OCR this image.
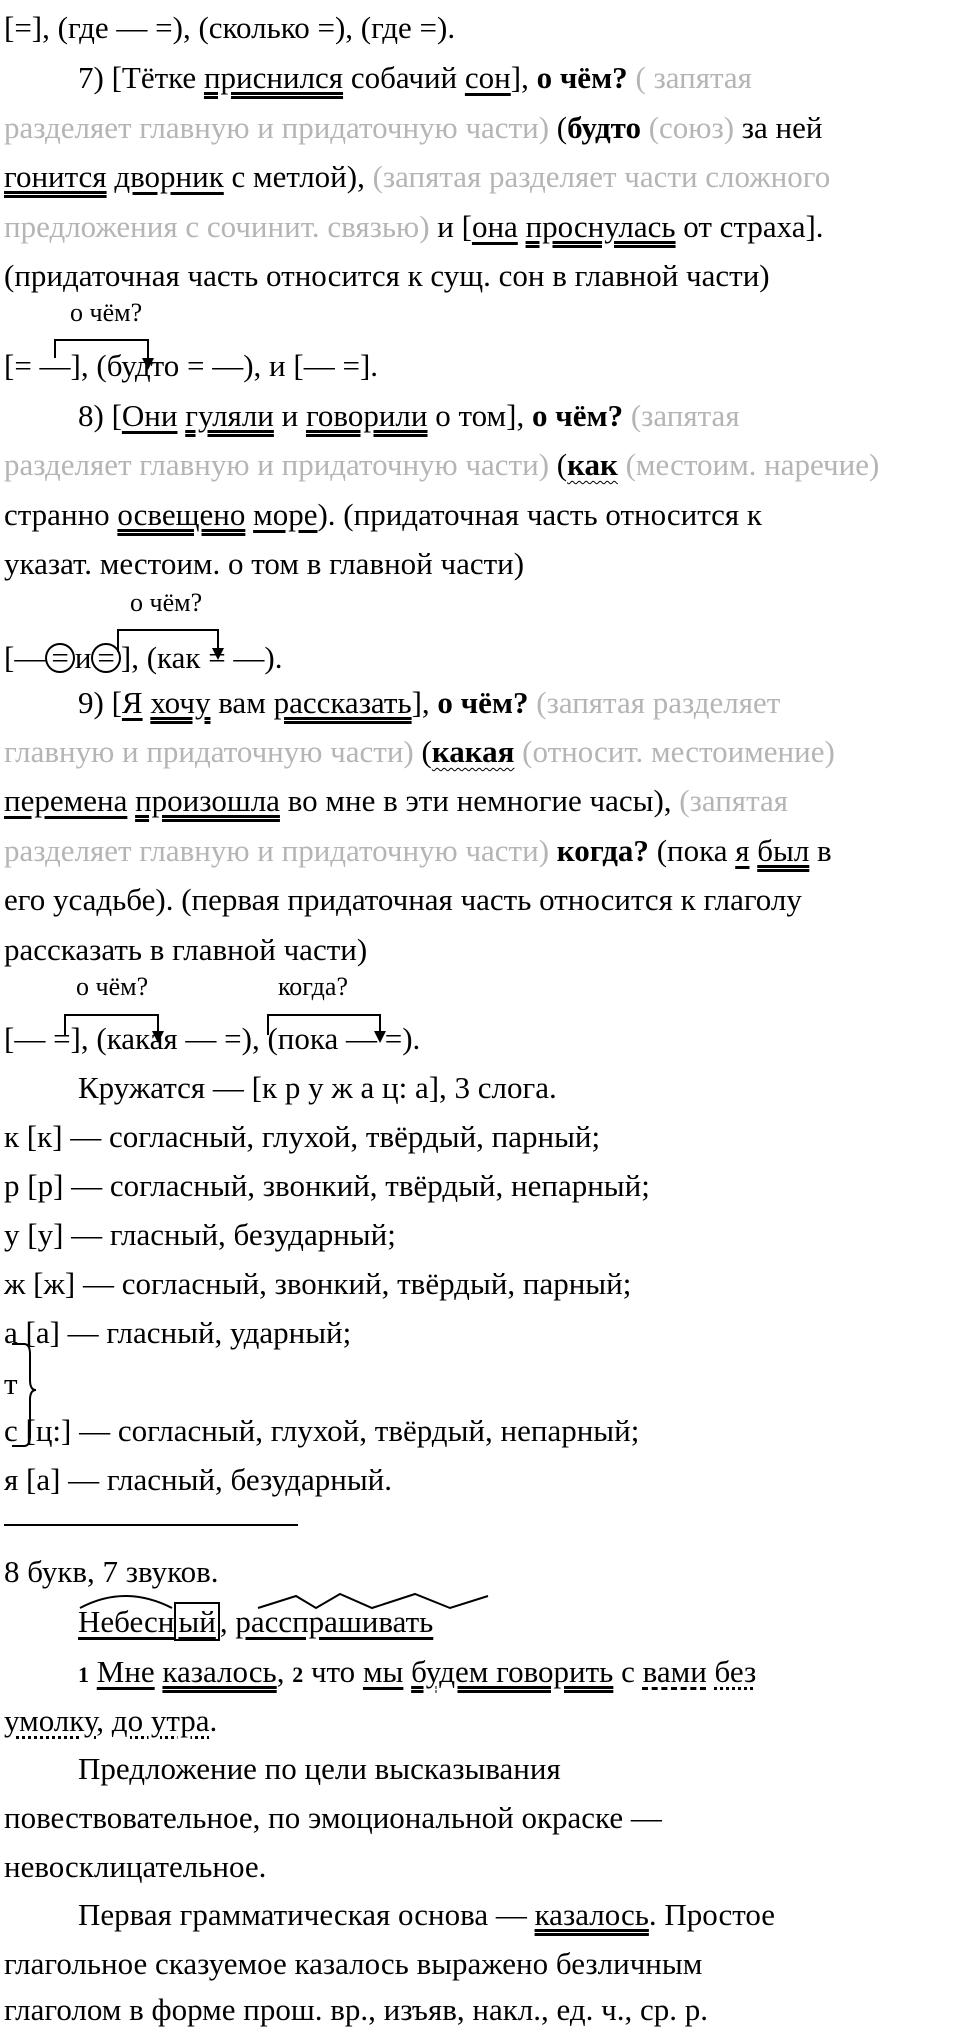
[=], (где — =), (сколько =), (где =).
7) [Тётке приснился собачий сон], о чём? ( запятая
разделяет главную и придаточную части) (будто (союз) за ней
гонится дворник с метлой), (запятая разделяет части сложного
предложения с сочинит. связью) и [она проснулась от страха].
(придаточная часть относится к сущ. сон в главной части)
о чём?
[= —], (будто = —), и [— =].
8) [Они гуляли и говорили о том], о чём? (запятая
разделяет главную и придаточную части) (как (местоим. наречие)
странно освещено море). (придаточная часть относится к
указат. местоим. о том в главной части)
о чём?
[— = и = ], (как = —).
9) [Я хочу вам рассказать], о чём? (запятая разделяет
главную и придаточную части) (какая (относит. местоимение)
перемена произошла во мне в эти немногие часы), (запятая
разделяет главную и придаточную части) когда? (пока я был в
его усадьбе). (первая придаточная часть относится к глаголу
рассказать в главной части)
о чём?	когда?
[— =], (какая — =), (пока — =).
Кружатся — [к р у ж а ц: а], 3 слога.
к [к] — согласный, глухой, твёрдый, парный;
р [р] — согласный, звонкий, твёрдый, непарный;
у [у] — гласный, безударный;
ж [ж] — согласный, звонкий, твёрдый, парный;
а [а] — гласный, ударный;
т
с [ц:] — согласный, глухой, твёрдый, непарный;
я [а] — гласный, безударный.
8 букв, 7 звуков.
Небесн ый , расспрашивать
1 Мне казалось, 2 что мы будем говорить с вами без
умолку, до утра.
Предложение по цели высказывания
повествовательное, по эмоциональной окраске —
невосклицательное.
Первая грамматическая основа — казалось. Простое
глагольное сказуемое казалось выражено безличным
глаголом в форме прош. вр., изъяв, накл., ед. ч., ср. р.
